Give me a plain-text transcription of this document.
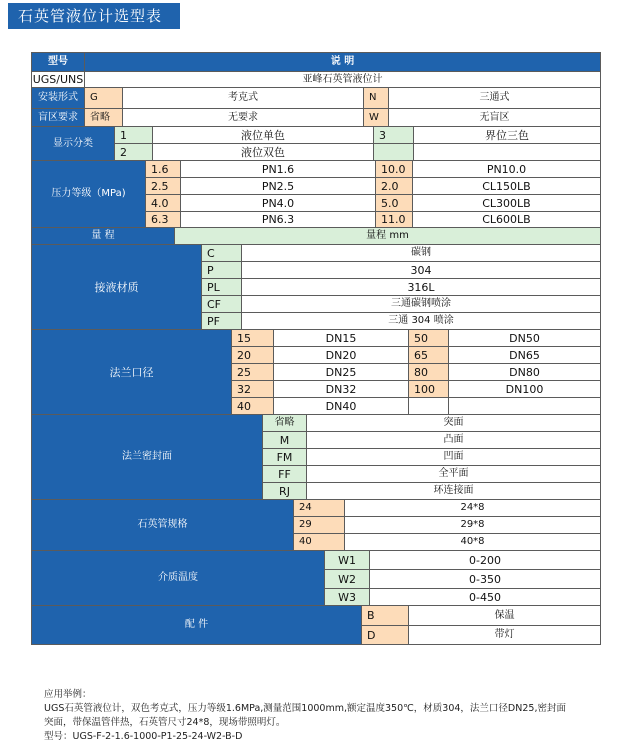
石英管液位计选型表
型号	说 明
UGS/UNS	亚峰石英管液位计
安装形式	G	考克式	N	三通式
盲区要求	省略	无要求	W	无盲区
显示分类
1	液位单色	3	界位三色
2	液位双色
压力等级（MPa)
1.6	PN1.6	10.0	PN10.0
2.5	PN2.5	2.0	CL150LB
4.0	PN4.0	5.0	CL300LB
6.3	PN6.3	11.0	CL600LB
量 程	量程 mm
接液材质
C	碳钢
P	304
PL	316L
CF	三通碳钢喷涂
PF	三通 304 喷涂
法兰口径
15	DN15	50	DN50
20	DN20	65	DN65
25	DN25	80	DN80
32	DN32	100	DN100
40	DN40
法兰密封面
省略	突面
M	凸面
FM	凹面
FF	全平面
RJ	环连接面
石英管规格
24	24*8
29	29*8
40	40*8
介质温度
W1	0-200
W2	0-350
W3	0-450
配 件
B	保温
D	带灯
应用举例：
UGS石英管液位计，双色考克式，压力等级1.6MPa,测量范围1000mm,额定温度350℃，材质304，法兰口径DN25,密封面
突面，带保温管伴热，石英管尺寸24*8，现场带照明灯。
型号：UGS-F-2-1.6-1000-P1-25-24-W2-B-D
